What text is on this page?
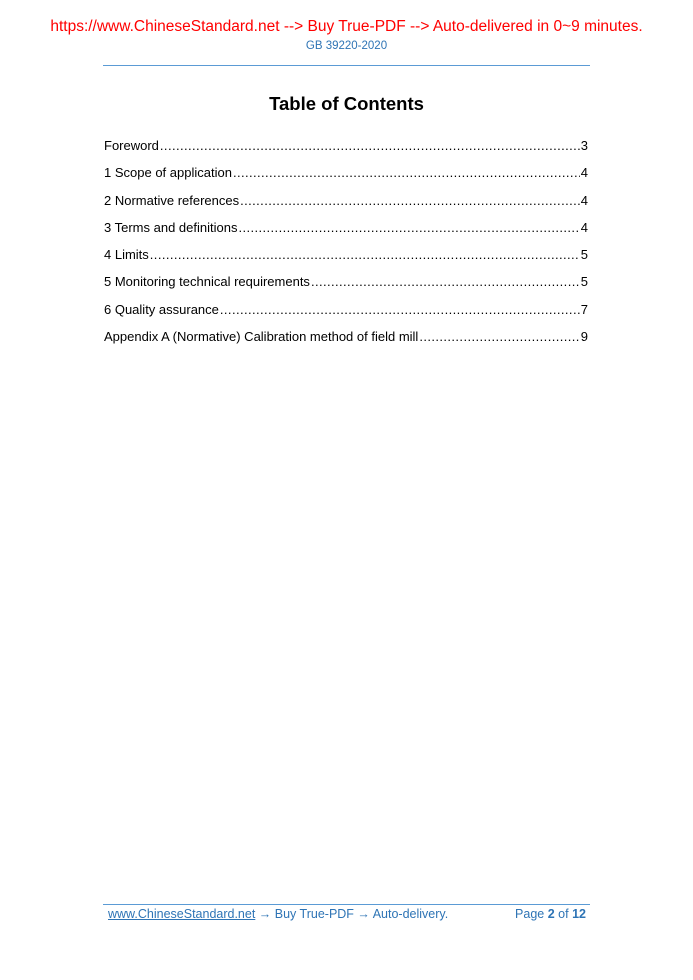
https://www.ChineseStandard.net --> Buy True-PDF --> Auto-delivered in 0~9 minutes.
GB 39220-2020
Table of Contents
Foreword .....	3
1 Scope of application .....	4
2 Normative references .....	4
3 Terms and definitions .....	4
4 Limits .....	5
5 Monitoring technical requirements .....	5
6 Quality assurance .....	7
Appendix A (Normative) Calibration method of field mill .....	9
www.ChineseStandard.net → Buy True-PDF → Auto-delivery.	Page 2 of 12
